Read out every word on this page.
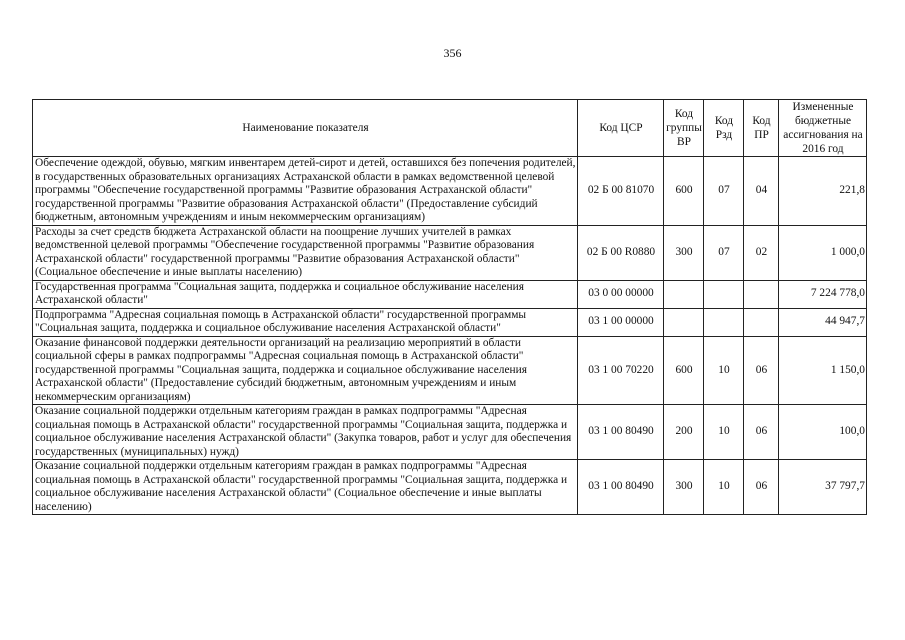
356
Наименование показателя	Код ЦСР	Код группы ВР	Код Рзд	Код ПР	Измененные бюджетные ассигнования на 2016 год
Обеспечение одеждой, обувью, мягким инвентарем детей-сирот и детей, оставшихся без попечения родителей, в государственных образовательных организациях Астраханской области в рамках ведомственной целевой программы "Обеспечение государственной программы "Развитие образования Астраханской области" государственной программы "Развитие образования Астраханской области" (Предоставление субсидий бюджетным, автономным учреждениям и иным некоммерческим организациям)	02 Б 00 81070	600	07	04	221,8
Расходы за счет средств бюджета Астраханской области на поощрение лучших учителей в рамках ведомственной целевой программы "Обеспечение государственной программы "Развитие образования Астраханской области" государственной программы "Развитие образования Астраханской области" (Социальное обеспечение и иные выплаты населению)	02 Б 00 R0880	300	07	02	1 000,0
Государственная программа "Социальная защита, поддержка и социальное обслуживание населения Астраханской области"	03 0 00 00000				7 224 778,0
Подпрограмма "Адресная социальная помощь в Астраханской области" государственной программы "Социальная защита, поддержка и социальное обслуживание населения Астраханской области"	03 1 00 00000				44 947,7
Оказание финансовой поддержки деятельности организаций на реализацию мероприятий в области социальной сферы в рамках подпрограммы "Адресная социальная помощь в Астраханской области" государственной программы "Социальная защита, поддержка и социальное обслуживание населения Астраханской области" (Предоставление субсидий бюджетным, автономным учреждениям и иным некоммерческим организациям)	03 1 00 70220	600	10	06	1 150,0
Оказание социальной поддержки отдельным категориям граждан в рамках подпрограммы "Адресная социальная помощь в Астраханской области" государственной программы "Социальная защита, поддержка и социальное обслуживание населения Астраханской области" (Закупка товаров, работ и услуг для обеспечения государственных (муниципальных) нужд)	03 1 00 80490	200	10	06	100,0
Оказание социальной поддержки отдельным категориям граждан в рамках подпрограммы "Адресная социальная помощь в Астраханской области" государственной программы "Социальная защита, поддержка и социальное обслуживание населения Астраханской области" (Социальное обеспечение и иные выплаты населению)	03 1 00 80490	300	10	06	37 797,7
